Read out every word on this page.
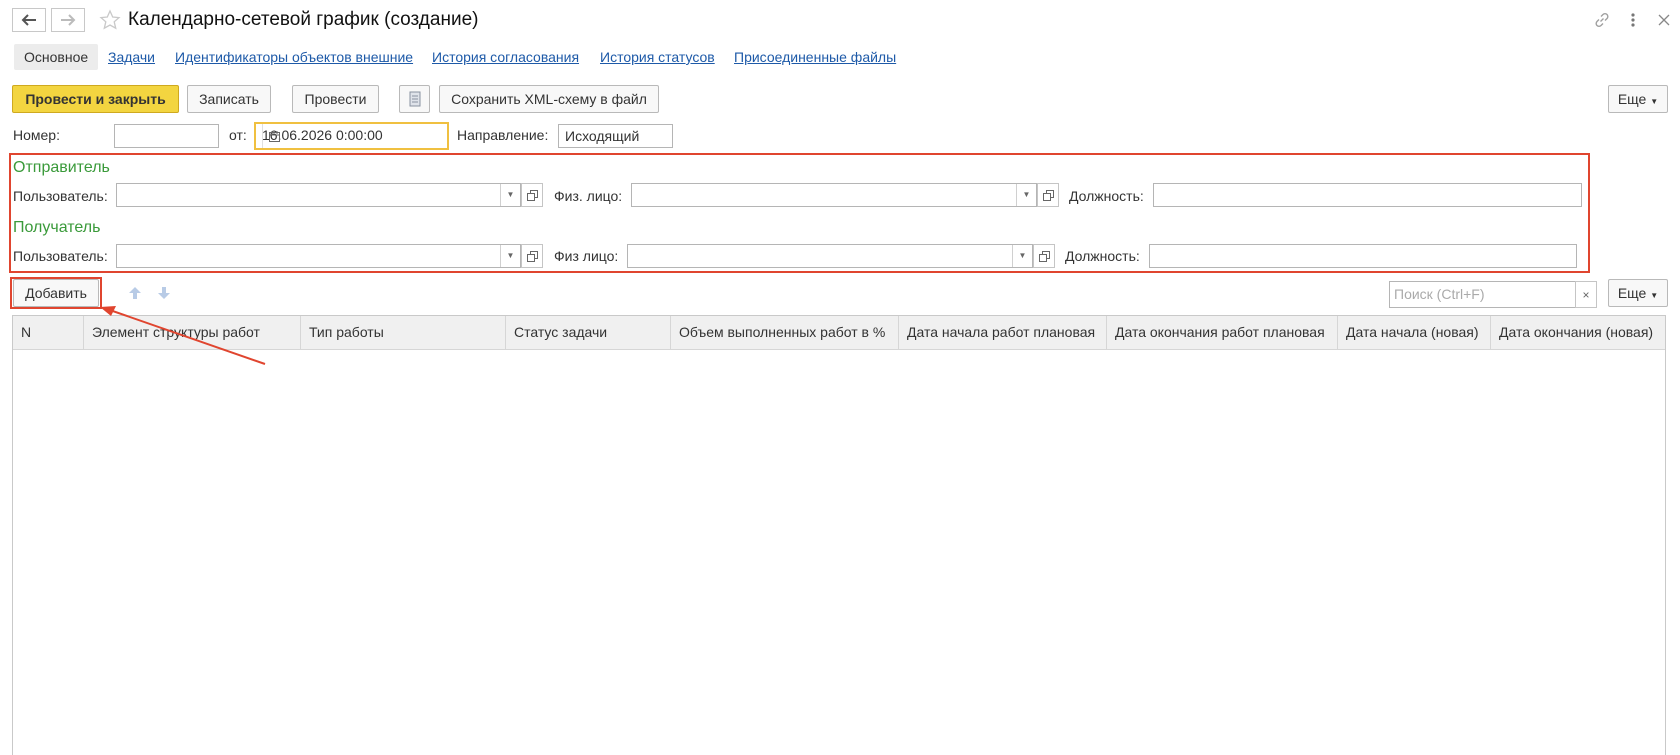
Календарно-сетевой график (создание)
Основное	Задачи Идентификаторы объектов внешние История согласования История статусов Присоединенные файлы
Провести и закрыть	Записать	Провести	Сохранить XML-схему в файл	Еще ▼
Номер:	от:	16.06.2026 0:00:00	Направление:	Исходящий
Отправитель
Пользователь:	▼	Физ. лицо:	▼	Должность:
Получатель
Пользователь:	▼	Физ лицо:	▼	Должность:
Добавить	Поиск (Ctrl+F)	×	Еще ▼
N	Элемент структуры работ	Тип работы	Статус задачи	Объем выполненных работ в %	Дата начала работ плановая	Дата окончания работ плановая	Дата начала (новая)	Дата окончания (новая)
